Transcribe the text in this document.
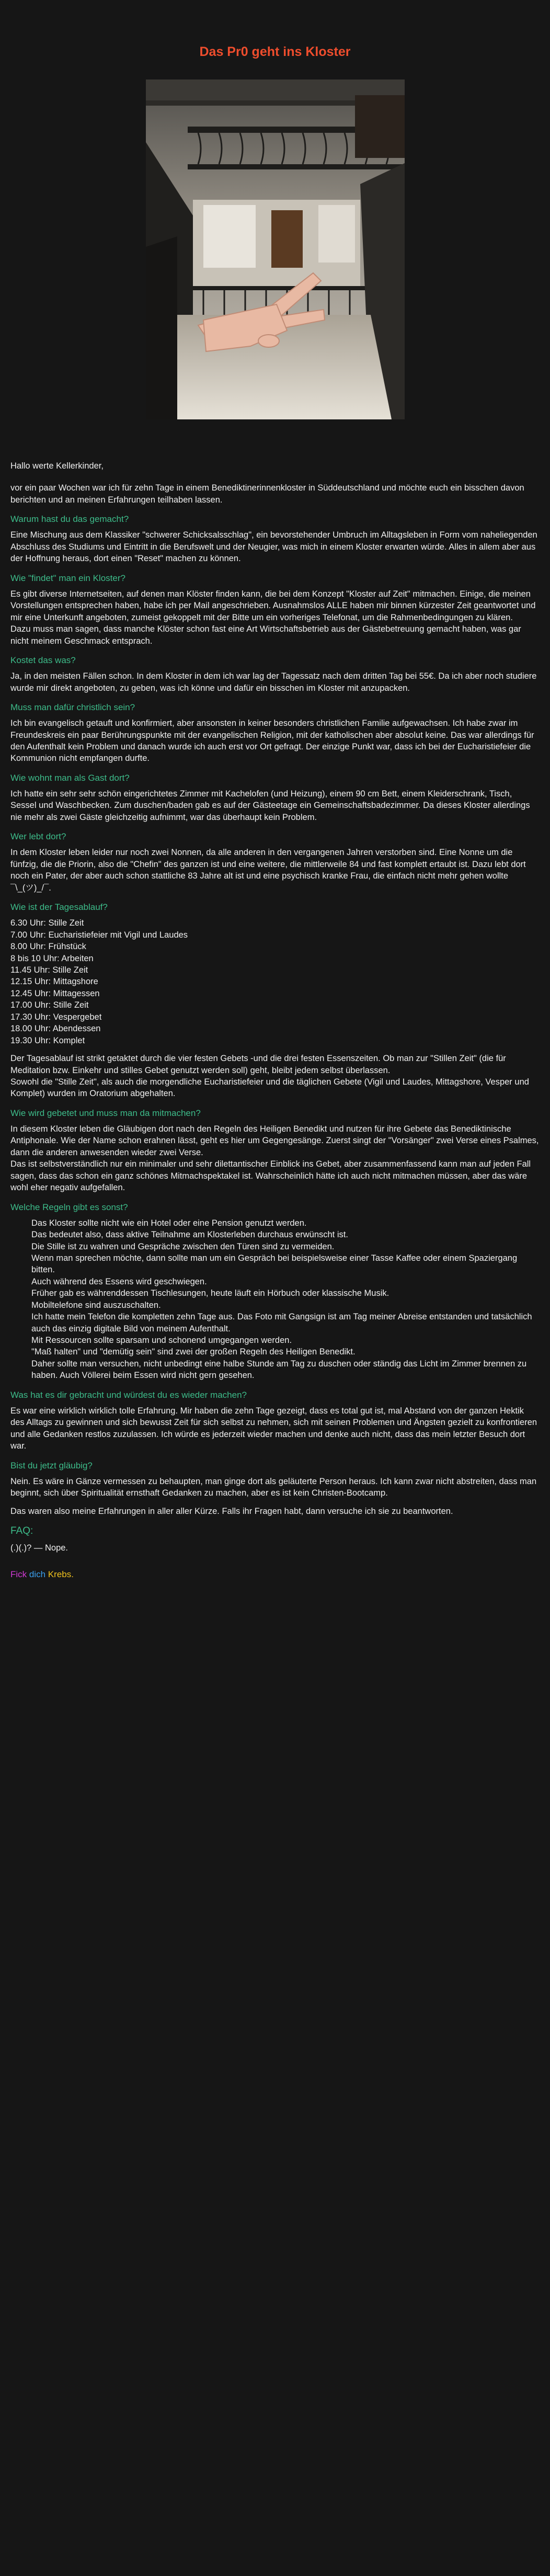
Das Pr0 geht ins Kloster

Hallo werte Kellerkinder,

vor ein paar Wochen war ich für zehn Tage in einem Benediktinerinnenkloster in Süddeutschland und möchte euch ein bisschen davon berichten und an meinen Erfahrungen teilhaben lassen.

Warum hast du das gemacht?

Eine Mischung aus dem Klassiker "schwerer Schicksalsschlag", ein bevorstehender Umbruch im Alltagsleben in Form vom naheliegenden Abschluss des Studiums und Eintritt in die Berufswelt und der Neugier, was mich in einem Kloster erwarten würde. Alles in allem aber aus der Hoffnung heraus, dort einen "Reset" machen zu können.

Wie "findet" man ein Kloster?

Es gibt diverse Internetseiten, auf denen man Klöster finden kann, die bei dem Konzept "Kloster auf Zeit" mitmachen. Einige, die meinen Vorstellungen entsprechen haben, habe ich per Mail angeschrieben. Ausnahmslos ALLE haben mir binnen kürzester Zeit geantwortet und mir eine Unterkunft angeboten, zumeist gekoppelt mit der Bitte um ein vorheriges Telefonat, um die Rahmenbedingungen zu klären.
Dazu muss man sagen, dass manche Klöster schon fast eine Art Wirtschaftsbetrieb aus der Gästebetreuung gemacht haben, was gar nicht meinem Geschmack entsprach.

Kostet das was?

Ja, in den meisten Fällen schon. In dem Kloster in dem ich war lag der Tagessatz nach dem dritten Tag bei 55€. Da ich aber noch studiere wurde mir direkt angeboten, zu geben, was ich könne und dafür ein bisschen im Kloster mit anzupacken.

Muss man dafür christlich sein?

Ich bin evangelisch getauft und konfirmiert, aber ansonsten in keiner besonders christlichen Familie aufgewachsen. Ich habe zwar im Freundeskreis ein paar Berührungspunkte mit der evangelischen Religion, mit der katholischen aber absolut keine. Das war allerdings für den Aufenthalt kein Problem und danach wurde ich auch erst vor Ort gefragt. Der einzige Punkt war, dass ich bei der Eucharistiefeier die Kommunion nicht empfangen durfte.

Wie wohnt man als Gast dort?

Ich hatte ein sehr sehr schön eingerichtetes Zimmer mit Kachelofen (und Heizung), einem 90 cm Bett, einem Kleiderschrank, Tisch, Sessel und Waschbecken. Zum duschen/baden gab es auf der Gästeetage ein Gemeinschaftsbadezimmer. Da dieses Kloster allerdings nie mehr als zwei Gäste gleichzeitig aufnimmt, war das überhaupt kein Problem.

Wer lebt dort?

In dem Kloster leben leider nur noch zwei Nonnen, da alle anderen in den vergangenen Jahren verstorben sind. Eine Nonne um die fünfzig, die die Priorin, also die "Chefin" des ganzen ist und eine weitere, die mittlerweile 84 und fast komplett ertaubt ist. Dazu lebt dort noch ein Pater, der aber auch schon stattliche 83 Jahre alt ist und eine psychisch kranke Frau, die einfach nicht mehr gehen wollte ¯\_(ツ)_/¯.

Wie ist der Tagesablauf?
6.30 Uhr: Stille Zeit
7.00 Uhr: Eucharistiefeier mit Vigil und Laudes
8.00 Uhr: Frühstück
8 bis 10 Uhr: Arbeiten
11.45 Uhr: Stille Zeit
12.15 Uhr: Mittagshore
12.45 Uhr: Mittagessen
17.00 Uhr: Stille Zeit
17.30 Uhr: Vespergebet
18.00 Uhr: Abendessen
19.30 Uhr: Komplet

Der Tagesablauf ist strikt getaktet durch die vier festen Gebets -und die drei festen Essenszeiten. Ob man zur "Stillen Zeit" (die für Meditation bzw. Einkehr und stilles Gebet genutzt werden soll) geht, bleibt jedem selbst überlassen.
Sowohl die "Stille Zeit", als auch die morgendliche Eucharistiefeier und die täglichen Gebete (Vigil und Laudes, Mittagshore, Vesper und Komplet) wurden im Oratorium abgehalten.

Wie wird gebetet und muss man da mitmachen?

In diesem Kloster leben die Gläubigen dort nach den Regeln des Heiligen Benedikt und nutzen für ihre Gebete das Benediktinische Antiphonale. Wie der Name schon erahnen lässt, geht es hier um Gegengesänge. Zuerst singt der "Vorsänger" zwei Verse eines Psalmes, dann die anderen anwesenden wieder zwei Verse.
Das ist selbstverständlich nur ein minimaler und sehr dilettantischer Einblick ins Gebet, aber zusammenfassend kann man auf jeden Fall sagen, dass das schon ein ganz schönes Mitmachspektakel ist. Wahrscheinlich hätte ich auch nicht mitmachen müssen, aber das wäre wohl eher negativ aufgefallen.

Welche Regeln gibt es sonst?
Das Kloster sollte nicht wie ein Hotel oder eine Pension genutzt werden.
Das bedeutet also, dass aktive Teilnahme am Klosterleben durchaus erwünscht ist.
Die Stille ist zu wahren und Gespräche zwischen den Türen sind zu vermeiden.
Wenn man sprechen möchte, dann sollte man um ein Gespräch bei beispielsweise einer Tasse Kaffee oder einem Spaziergang bitten.
Auch während des Essens wird geschwiegen.
Früher gab es währenddessen Tischlesungen, heute läuft ein Hörbuch oder klassische Musik.
Mobiltelefone sind auszuschalten.
Ich hatte mein Telefon die kompletten zehn Tage aus. Das Foto mit Gangsign ist am Tag meiner Abreise entstanden und tatsächlich auch das einzig digitale Bild von meinem Aufenthalt.
Mit Ressourcen sollte sparsam und schonend umgegangen werden.
"Maß halten" und "demütig sein" sind zwei der großen Regeln des Heiligen Benedikt.
Daher sollte man versuchen, nicht unbedingt eine halbe Stunde am Tag zu duschen oder ständig das Licht im Zimmer brennen zu haben. Auch Völlerei beim Essen wird nicht gern gesehen.
Was hat es dir gebracht und würdest du es wieder machen?

Es war eine wirklich wirklich tolle Erfahrung. Mir haben die zehn Tage gezeigt, dass es total gut ist, mal Abstand von der ganzen Hektik des Alltags zu gewinnen und sich bewusst Zeit für sich selbst zu nehmen, sich mit seinen Problemen und Ängsten gezielt zu konfrontieren und alle Gedanken restlos zuzulassen. Ich würde es jederzeit wieder machen und denke auch nicht, dass das mein letzter Besuch dort war.

Bist du jetzt gläubig?

Nein. Es wäre in Gänze vermessen zu behaupten, man ginge dort als geläuterte Person heraus. Ich kann zwar nicht abstreiten, dass man beginnt, sich über Spiritualität ernsthaft Gedanken zu machen, aber es ist kein Christen-Bootcamp.

Das waren also meine Erfahrungen in aller aller Kürze. Falls ihr Fragen habt, dann versuche ich sie zu beantworten.

FAQ:

(.)(.)? — Nope.

Fick dich Krebs.
